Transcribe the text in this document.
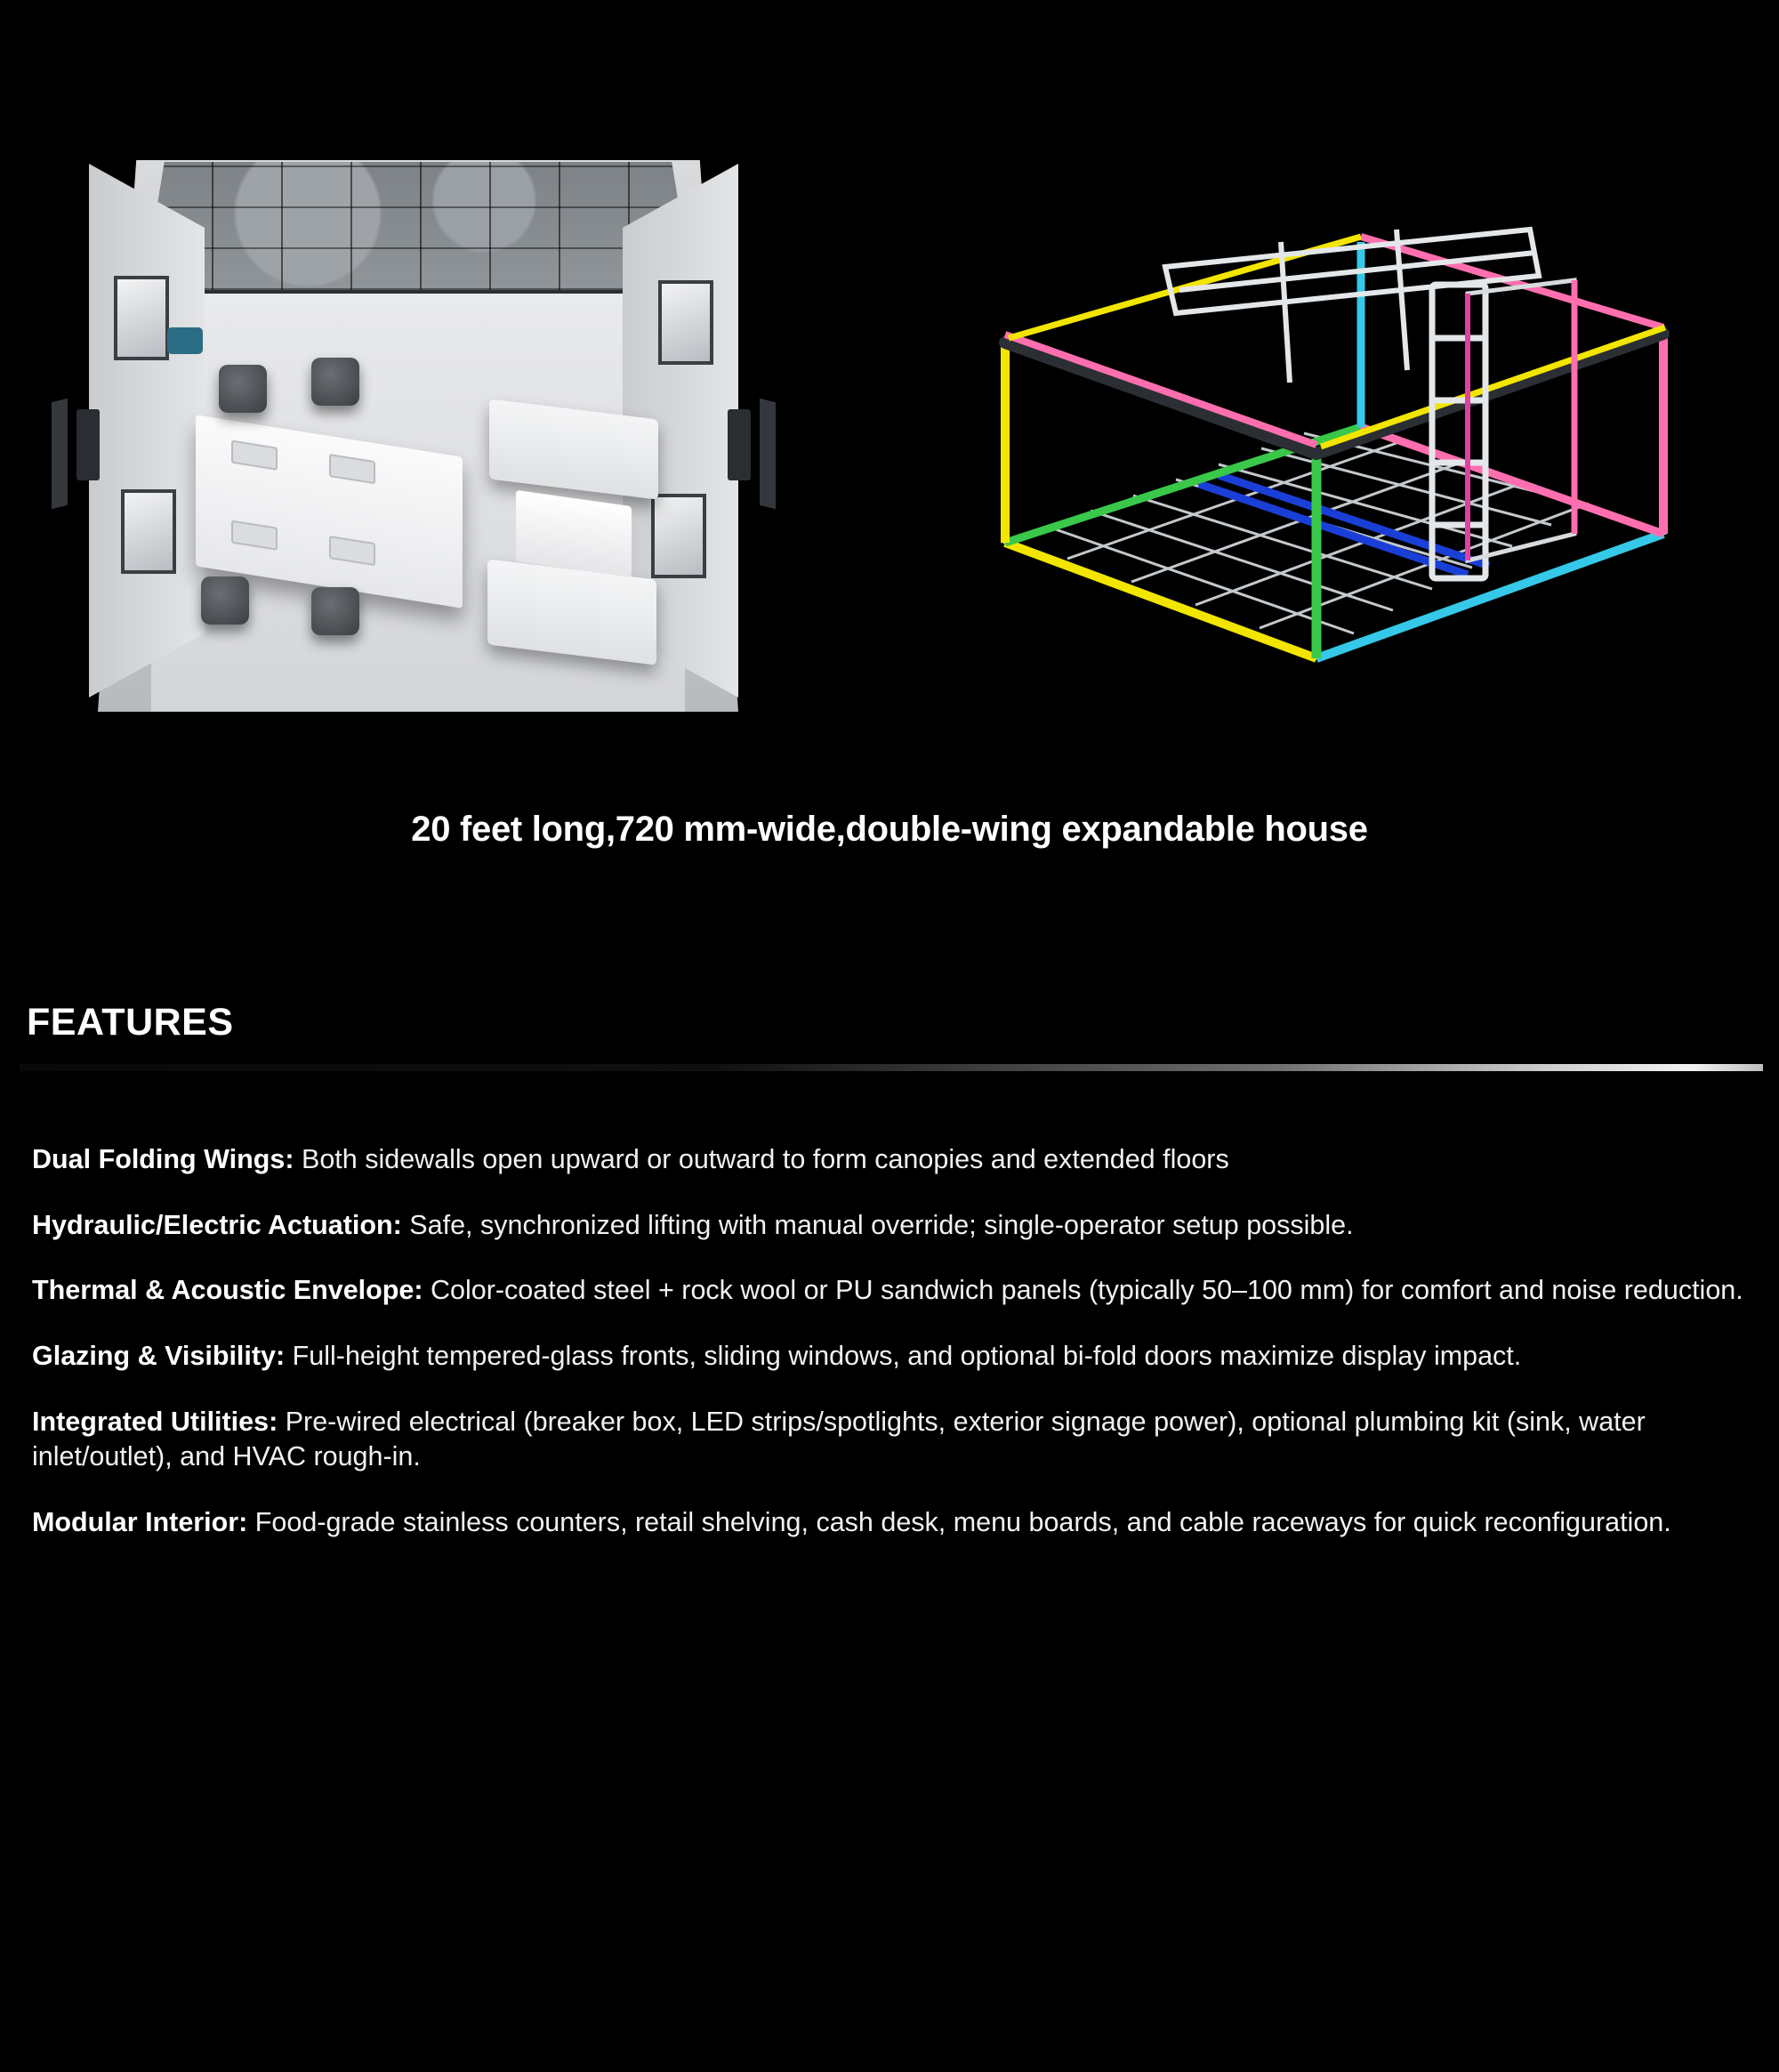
20 feet long,720 mm-wide,double-wing expandable house
FEATURES

Dual Folding Wings: Both sidewalls open upward or outward to form canopies and extended floors

Hydraulic/Electric Actuation: Safe, synchronized lifting with manual override; single-operator setup possible.

Thermal & Acoustic Envelope: Color-coated steel + rock wool or PU sandwich panels (typically 50–100 mm) for comfort and noise reduction.

Glazing & Visibility: Full-height tempered-glass fronts, sliding windows, and optional bi-fold doors maximize display impact.

Integrated Utilities: Pre-wired electrical (breaker box, LED strips/spotlights, exterior signage power), optional plumbing kit (sink, water inlet/outlet), and HVAC rough-in.

Modular Interior: Food-grade stainless counters, retail shelving, cash desk, menu boards, and cable raceways for quick reconfiguration.
